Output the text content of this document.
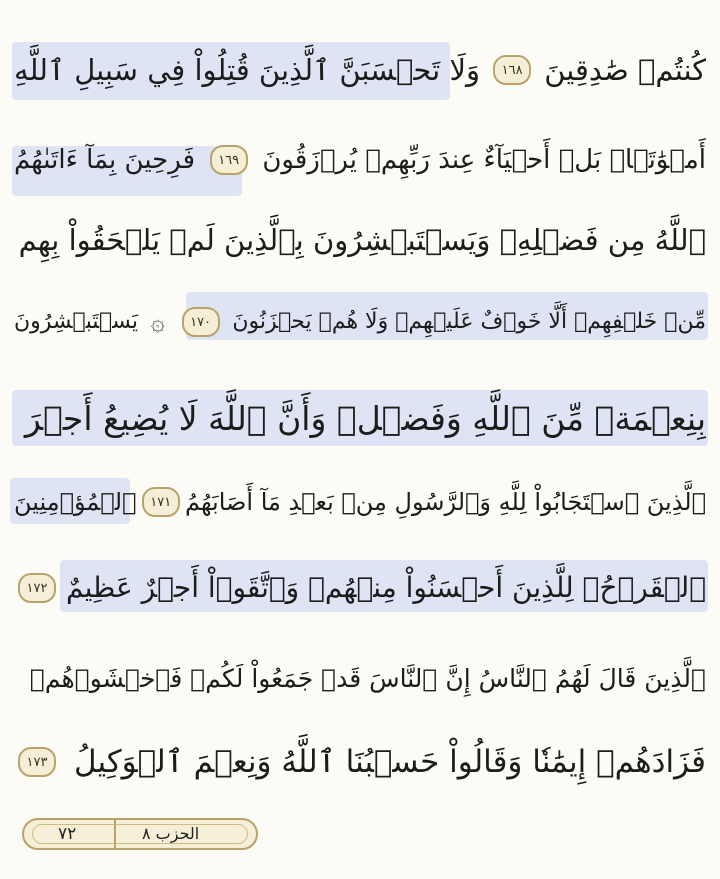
كُنتُمۡ صَٰدِقِينَ
١٦٨
وَلَا تَحۡسَبَنَّ ٱلَّذِينَ قُتِلُواْ فِي سَبِيلِ ٱللَّهِ
أَمۡوَٰتَۢاۚ بَلۡ أَحۡيَآءٌ عِندَ رَبِّهِمۡ يُرۡزَقُونَ
١٦٩
فَرِحِينَ بِمَآ ءَاتَىٰهُمُ
ٱللَّهُ مِن فَضۡلِهِۦ وَيَسۡتَبۡشِرُونَ بِٱلَّذِينَ لَمۡ يَلۡحَقُواْ بِهِم
مِّنۡ خَلۡفِهِمۡ أَلَّا خَوۡفٌ عَلَيۡهِمۡ وَلَا هُمۡ يَحۡزَنُونَ
١٧٠
۞
يَسۡتَبۡشِرُونَ
بِنِعۡمَةٖ مِّنَ ٱللَّهِ وَفَضۡلٖ وَأَنَّ ٱللَّهَ لَا يُضِيعُ أَجۡرَ
ٱلَّذِينَ ٱسۡتَجَابُواْ لِلَّهِ وَٱلرَّسُولِ مِنۢ بَعۡدِ مَآ أَصَابَهُمُ
١٧١
ٱلۡمُؤۡمِنِينَ
ٱلۡقَرۡحُۚ لِلَّذِينَ أَحۡسَنُواْ مِنۡهُمۡ وَٱتَّقَوۡاْ أَجۡرٌ عَظِيمٌ
١٧٢
ٱلَّذِينَ قَالَ لَهُمُ ٱلنَّاسُ إِنَّ ٱلنَّاسَ قَدۡ جَمَعُواْ لَكُمۡ فَٱخۡشَوۡهُمۡ
فَزَادَهُمۡ إِيمَٰنٗا وَقَالُواْ حَسۡبُنَا ٱللَّهُ وَنِعۡمَ ٱلۡوَكِيلُ
١٧٣
٧٢	الحزب ٨
